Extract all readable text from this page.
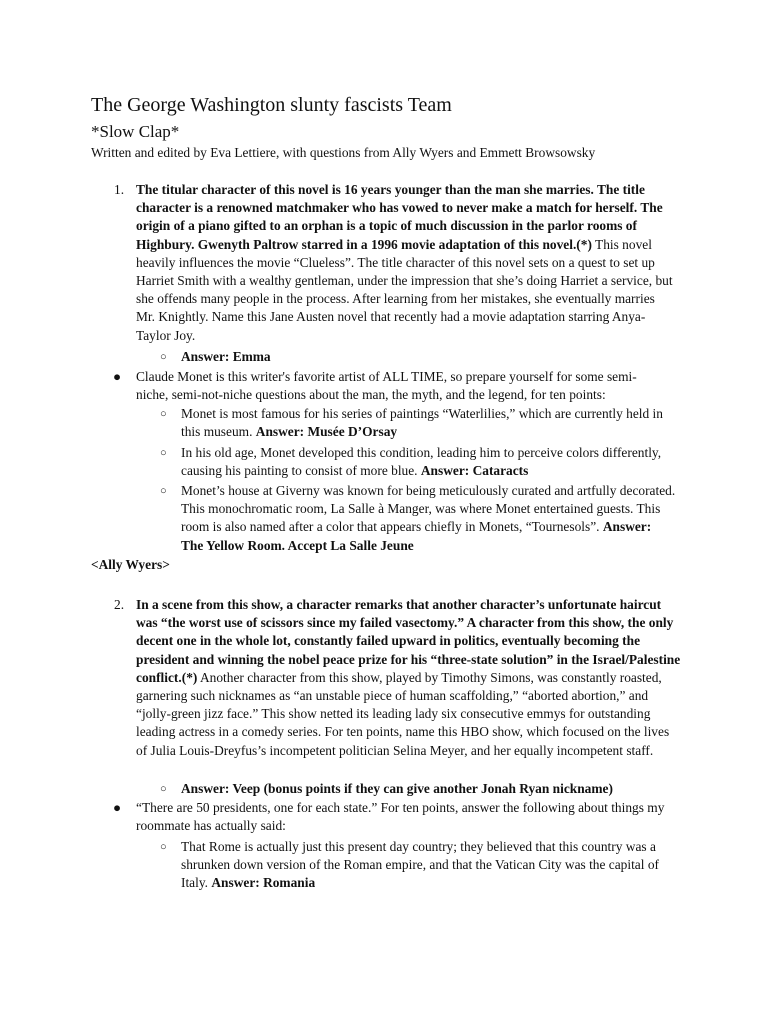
The George Washington slunty fascists Team
*Slow Clap*
Written and edited by Eva Lettiere, with questions from Ally Wyers and Emmett Browsowsky
1. The titular character of this novel is 16 years younger than the man she marries. The title character is a renowned matchmaker who has vowed to never make a match for herself. The origin of a piano gifted to an orphan is a topic of much discussion in the parlor rooms of Highbury. Gwenyth Paltrow starred in a 1996 movie adaptation of this novel.(*) This novel heavily influences the movie “Clueless”. The title character of this novel sets on a quest to set up Harriet Smith with a wealthy gentleman, under the impression that she’s doing Harriet a service, but she offends many people in the process. After learning from her mistakes, she eventually marries Mr. Knightly. Name this Jane Austen novel that recently had a movie adaptation starring Anya-Taylor Joy.
○ Answer: Emma
● Claude Monet is this writer's favorite artist of ALL TIME, so prepare yourself for some semi-niche, semi-not-niche questions about the man, the myth, and the legend, for ten points:
○ Monet is most famous for his series of paintings “Waterlilies,” which are currently held in this museum. Answer: Musée D’Orsay
○ In his old age, Monet developed this condition, leading him to perceive colors differently, causing his painting to consist of more blue. Answer: Cataracts
○ Monet’s house at Giverny was known for being meticulously curated and artfully decorated. This monochromatic room, La Salle à Manger, was where Monet entertained guests. This room is also named after a color that appears chiefly in Monets, “Tournesols”. Answer: The Yellow Room. Accept La Salle Jeune
<Ally Wyers>
2. In a scene from this show, a character remarks that another character’s unfortunate haircut was “the worst use of scissors since my failed vasectomy.” A character from this show, the only decent one in the whole lot, constantly failed upward in politics, eventually becoming the president and winning the nobel peace prize for his “three-state solution” in the Israel/Palestine conflict.(*) Another character from this show, played by Timothy Simons, was constantly roasted, garnering such nicknames as “an unstable piece of human scaffolding,” “aborted abortion,” and “jolly-green jizz face.” This show netted its leading lady six consecutive emmys for outstanding leading actress in a comedy series. For ten points, name this HBO show, which focused on the lives of Julia Louis-Dreyfus’s incompetent politician Selina Meyer, and her equally incompetent staff.
○ Answer: Veep (bonus points if they can give another Jonah Ryan nickname)
● “There are 50 presidents, one for each state.” For ten points, answer the following about things my roommate has actually said:
○ That Rome is actually just this present day country; they believed that this country was a shrunken down version of the Roman empire, and that the Vatican City was the capital of Italy. Answer: Romania
